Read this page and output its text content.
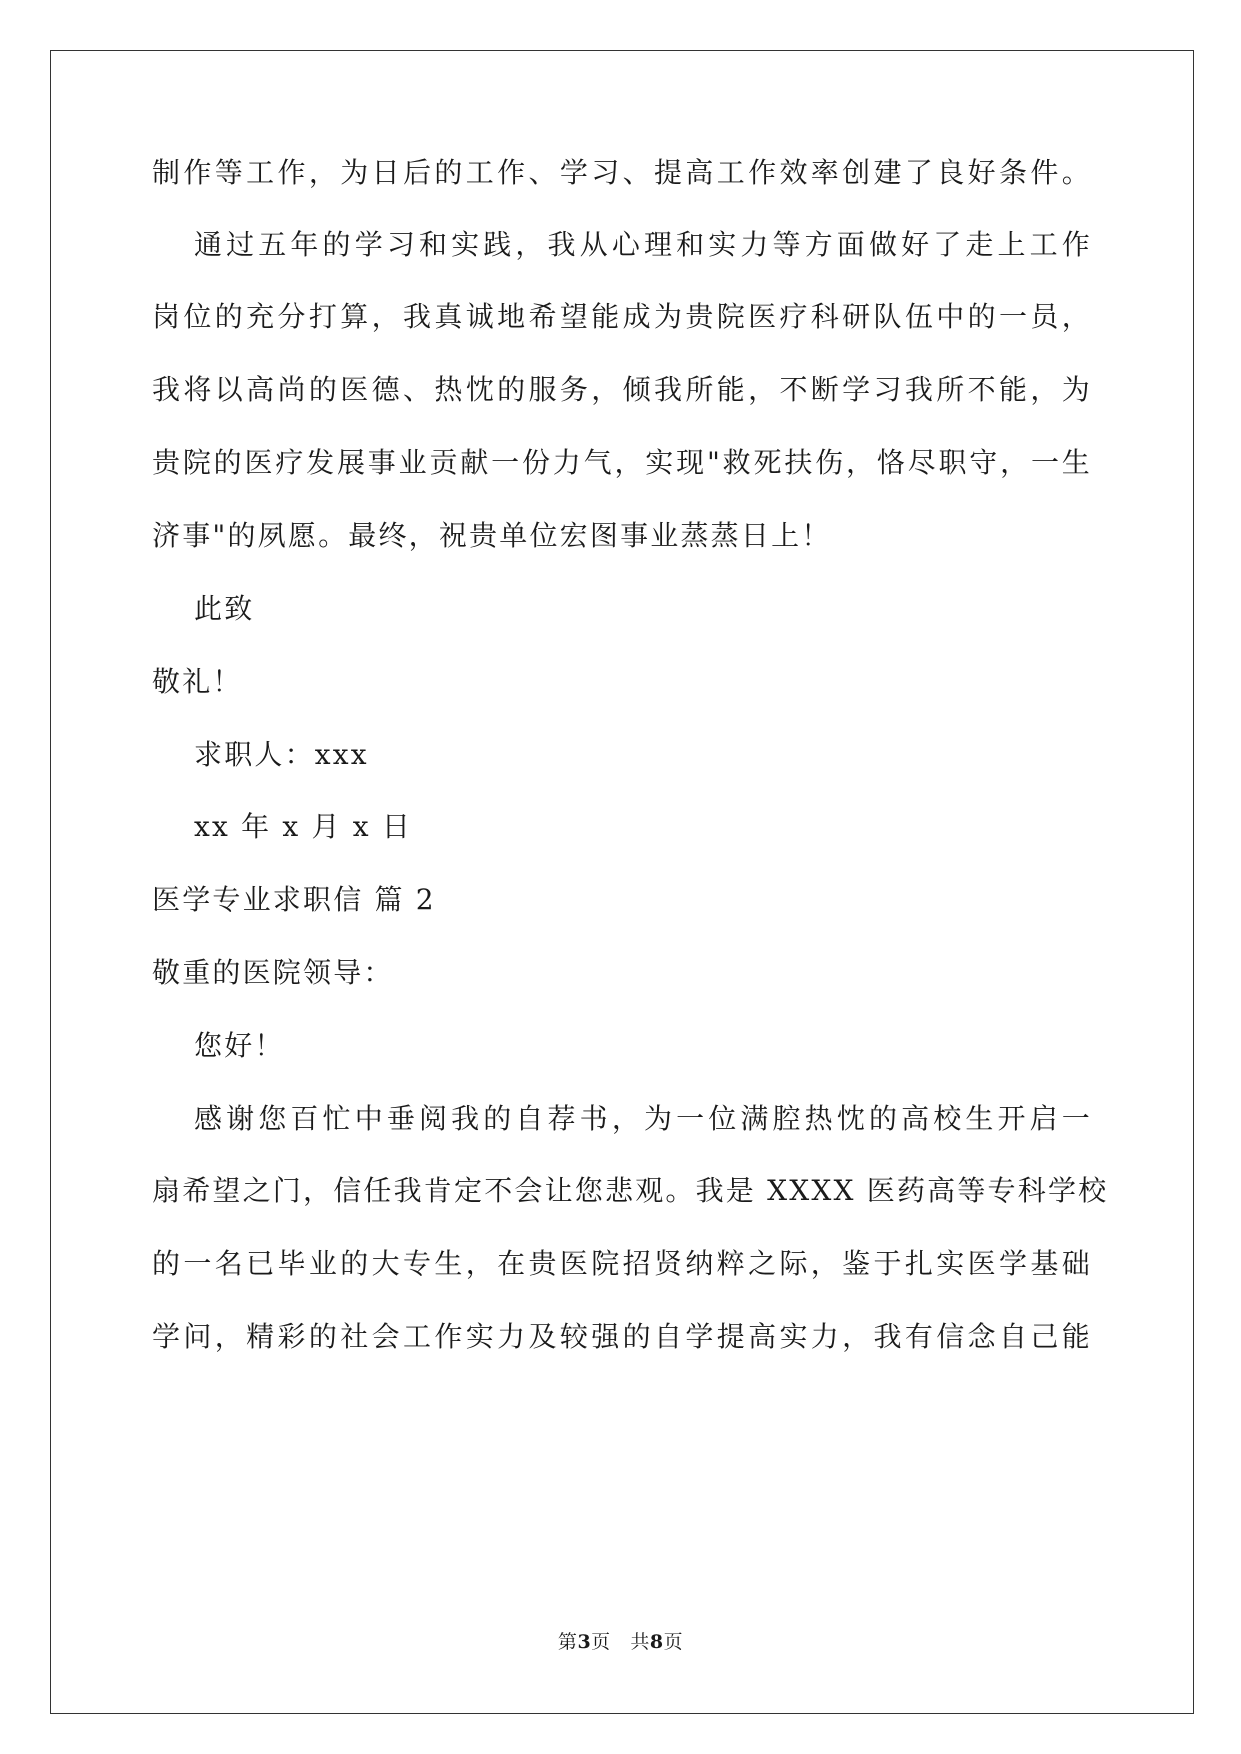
制作等工作，为日后的工作、学习、提高工作效率创建了良好条件。
通过五年的学习和实践，我从心理和实力等方面做好了走上工作
岗位的充分打算，我真诚地希望能成为贵院医疗科研队伍中的一员，
我将以高尚的医德、热忱的服务，倾我所能，不断学习我所不能，为
贵院的医疗发展事业贡献一份力气，实现"救死扶伤，恪尽职守，一生
济事"的夙愿。最终，祝贵单位宏图事业蒸蒸日上！
此致
敬礼！
求职人：xxx
xx 年 x 月 x 日
医学专业求职信 篇 2
敬重的医院领导：
您好！
感谢您百忙中垂阅我的自荐书，为一位满腔热忱的高校生开启一
扇希望之门，信任我肯定不会让您悲观。我是 XXXX 医药高等专科学校
的一名已毕业的大专生，在贵医院招贤纳粹之际，鉴于扎实医学基础
学问，精彩的社会工作实力及较强的自学提高实力，我有信念自己能
第3页 共8页
